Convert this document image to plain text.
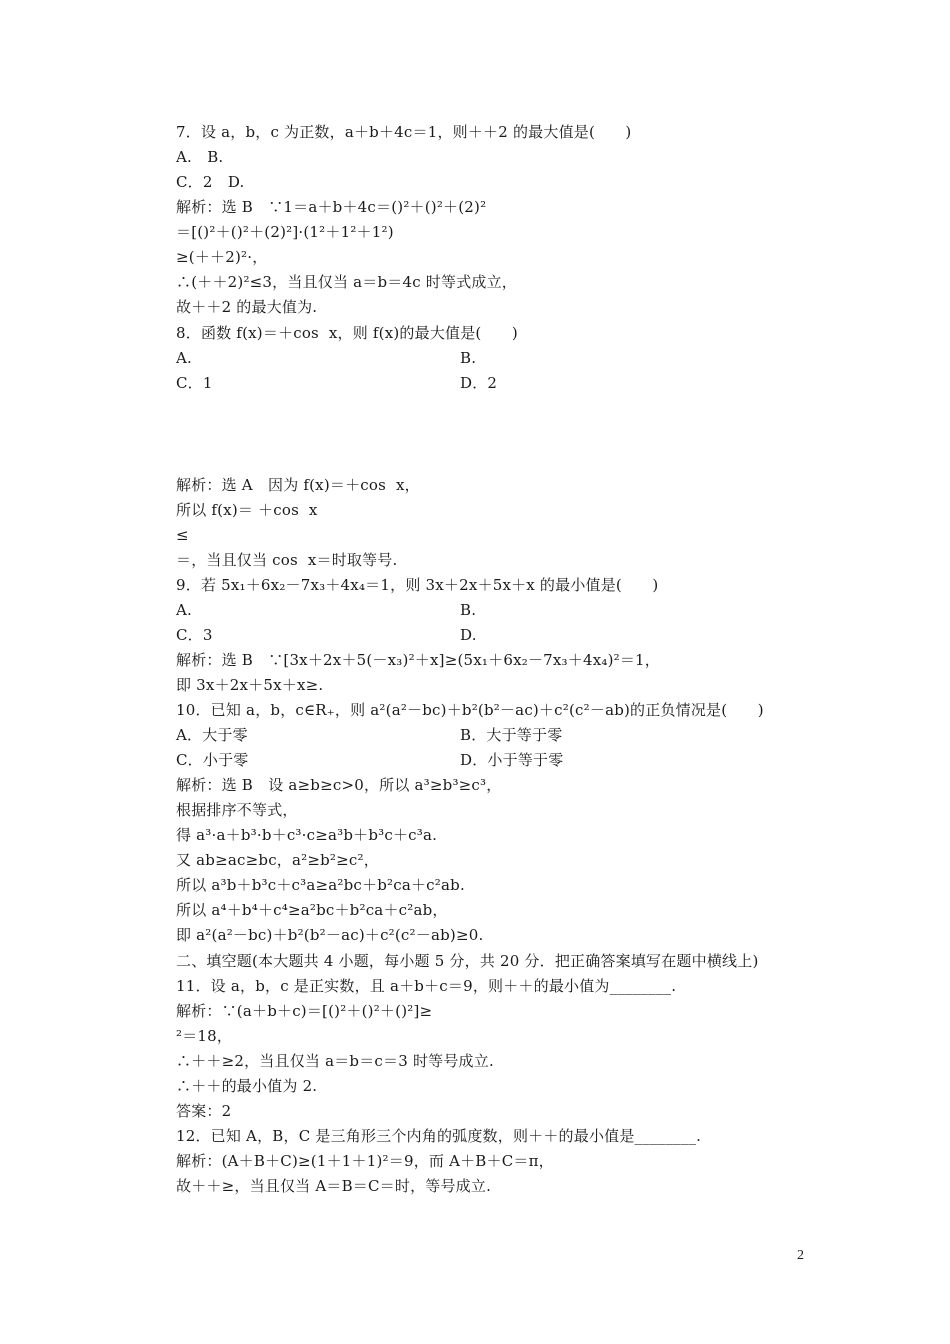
7．设 a，b，c 为正数，a＋b＋4c＝1，则＋＋2 的最大值是(　　)
A.　B.
C．2　D.
解析：选 B　∵1＝a＋b＋4c＝()²＋()²＋(2)²
＝[()²＋()²＋(2)²]·(1²＋1²＋1²)
≥(＋＋2)²·，
∴(＋＋2)²≤3，当且仅当 a＝b＝4c 时等式成立，
故＋＋2 的最大值为.
8．函数 f(x)＝＋cos  x，则 f(x)的最大值是(　　)
A.	B.
C．1	D．2
解析：选 A　因为 f(x)＝＋cos  x，
所以 f(x)＝ ＋cos  x
≤
＝，当且仅当 cos  x＝时取等号.
9．若 5x₁＋6x₂－7x₃＋4x₄＝1，则 3x＋2x＋5x＋x 的最小值是(　　)
A.	B.
C．3	D.
解析：选 B　∵[3x＋2x＋5(－x₃)²＋x]≥(5x₁＋6x₂－7x₃＋4x₄)²＝1，
即 3x＋2x＋5x＋x≥.
10．已知 a，b，c∈R₊，则 a²(a²－bc)＋b²(b²－ac)＋c²(c²－ab)的正负情况是(　　)
A．大于零	B．大于等于零
C．小于零	D．小于等于零
解析：选 B　设 a≥b≥c>0，所以 a³≥b³≥c³，
根据排序不等式，
得 a³·a＋b³·b＋c³·c≥a³b＋b³c＋c³a.
又 ab≥ac≥bc，a²≥b²≥c²，
所以 a³b＋b³c＋c³a≥a²bc＋b²ca＋c²ab.
所以 a⁴＋b⁴＋c⁴≥a²bc＋b²ca＋c²ab，
即 a²(a²－bc)＋b²(b²－ac)＋c²(c²－ab)≥0.
二、填空题(本大题共 4 小题，每小题 5 分，共 20 分．把正确答案填写在题中横线上)
11．设 a，b，c 是正实数，且 a＋b＋c＝9，则＋＋的最小值为________.
解析：∵(a＋b＋c)＝[()²＋()²＋()²]≥
²＝18，
∴＋＋≥2，当且仅当 a＝b＝c＝3 时等号成立.
∴＋＋的最小值为 2.
答案：2
12．已知 A，B，C 是三角形三个内角的弧度数，则＋＋的最小值是________.
解析：(A＋B＋C)≥(1＋1＋1)²＝9，而 A＋B＋C＝π，
故＋＋≥，当且仅当 A＝B＝C＝时，等号成立.
2
